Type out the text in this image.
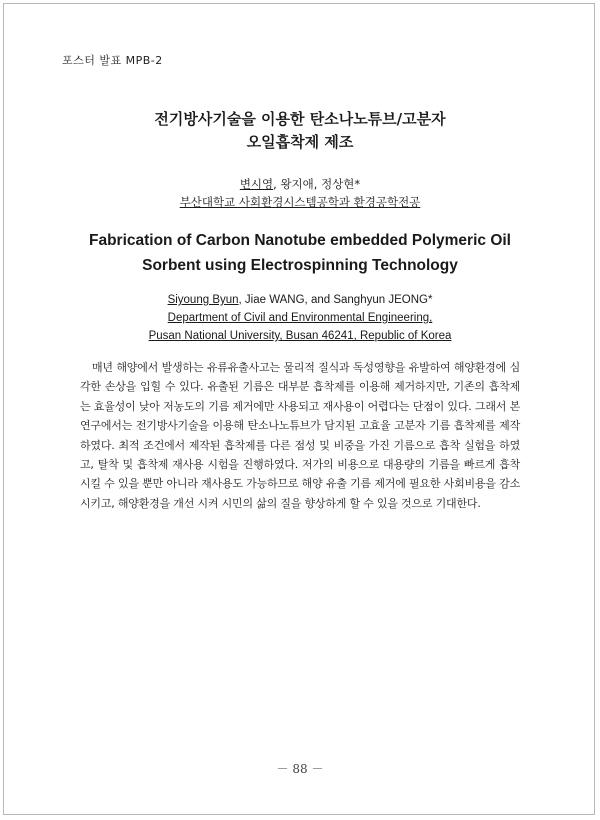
포스터 발표 MPB-2
전기방사기술을 이용한 탄소나노튜브/고분자
오일흡착제 제조
변시영, 왕지애, 정상현*
부산대학교 사회환경시스템공학과 환경공학전공
Fabrication of Carbon Nanotube embedded Polymeric Oil
Sorbent using Electrospinning Technology
Siyoung Byun, Jiae WANG, and Sanghyun JEONG*
Department of Civil and Environmental Engineering,
Pusan National University, Busan 46241, Republic of Korea
매년 해양에서 발생하는 유류유출사고는 물리적 질식과 독성영향을 유발하여 해양환경에 심각한 손상을 입힐 수 있다. 유출된 기름은 대부분 흡착제를 이용해 제거하지만, 기존의 흡착제는 효율성이 낮아 저농도의 기름 제거에만 사용되고 재사용이 어렵다는 단점이 있다. 그래서 본 연구에서는 전기방사기술을 이용해 탄소나노튜브가 담지된 고효율 고분자 기름 흡착제를 제작하였다. 최적 조건에서 제작된 흡착제를 다른 점성 및 비중을 가진 기름으로 흡착 실험을 하였고, 탈착 및 흡착제 재사용 시험을 진행하였다. 저가의 비용으로 대용량의 기름을 빠르게 흡착시킬 수 있을 뿐만 아니라 재사용도 가능하므로 해양 유출 기름 제거에 필요한 사회비용을 감소시키고, 해양환경을 개선 시켜 시민의 삶의 질을 향상하게 할 수 있을 것으로 기대한다.
－ 88 －
